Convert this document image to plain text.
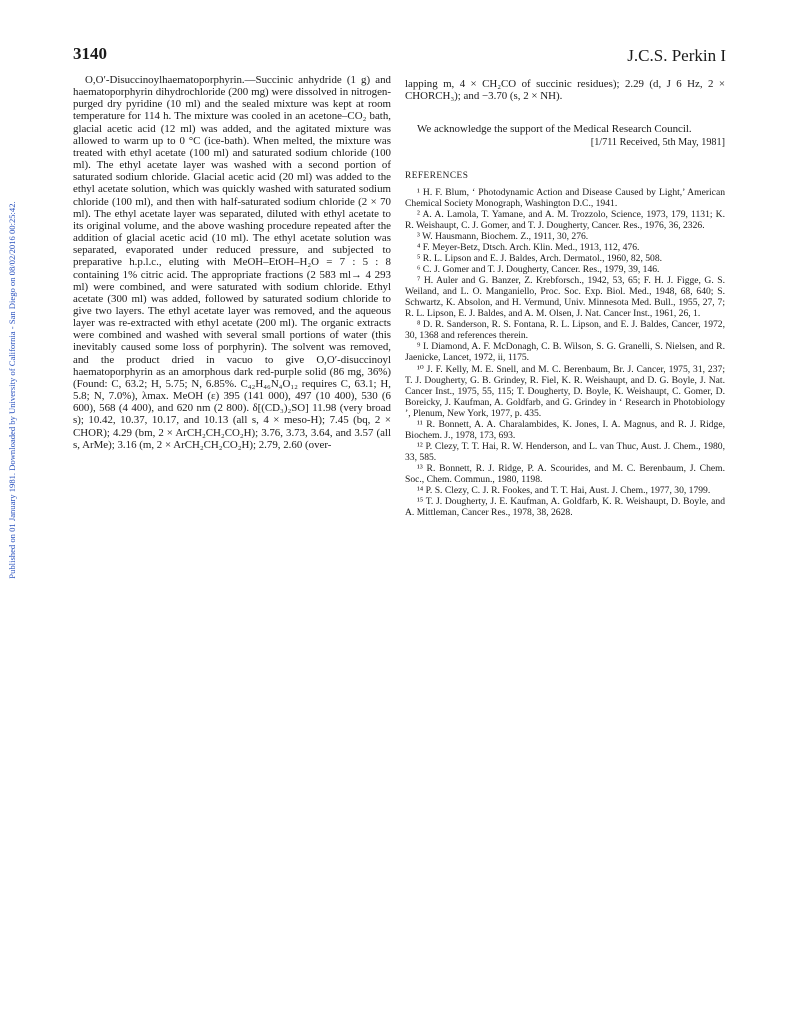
3140	J.C.S. Perkin I
Published on 01 January 1981. Downloaded by University of California - San Diego on 08/02/2016 00:25:42.

O,O′-Disuccinoylhaematoporphyrin.—Succinic anhydride (1 g) and haematoporphyrin dihydrochloride (200 mg) were dissolved in nitrogen-purged dry pyridine (10 ml) and the sealed mixture was kept at room temperature for 114 h. The mixture was cooled in an acetone–CO₂ bath, glacial acetic acid (12 ml) was added, and the agitated mixture was allowed to warm up to 0 °C (ice-bath). When melted, the mixture was treated with ethyl acetate (100 ml) and saturated sodium chloride (100 ml). The ethyl acetate layer was washed with a second portion of saturated sodium chloride. Glacial acetic acid (20 ml) was added to the ethyl acetate solution, which was quickly washed with saturated sodium chloride (100 ml), and then with half-saturated sodium chloride (2 × 70 ml). The ethyl acetate layer was separated, diluted with ethyl acetate to its original volume, and the above washing procedure repeated after the addition of glacial acetic acid (10 ml). The ethyl acetate solution was separated, evaporated under reduced pressure, and subjected to preparative h.p.l.c., eluting with MeOH–EtOH–H₂O = 7 : 5 : 8 containing 1% citric acid. The appropriate fractions (2 583 ml→ 4 293 ml) were combined, and were saturated with sodium chloride. Ethyl acetate (300 ml) was added, followed by saturated sodium chloride to give two layers. The ethyl acetate layer was removed, and the aqueous layer was re-extracted with ethyl acetate (200 ml). The organic extracts were combined and washed with several small portions of water (this inevitably caused some loss of porphyrin). The solvent was removed, and the product dried in vacuo to give O,O′-disuccinoyl haematoporphyrin as an amorphous dark red-purple solid (86 mg, 36%) (Found: C, 63.2; H, 5.75; N, 6.85%. C₄₂H₄₆N₄O₁₂ requires C, 63.1; H, 5.8; N, 7.0%), λmax. MeOH (ε) 395 (141 000), 497 (10 400), 530 (6 600), 568 (4 400), and 620 nm (2 800). δ[(CD₃)₂SO] 11.98 (very broad s); 10.42, 10.37, 10.17, and 10.13 (all s, 4 × meso-H); 7.45 (bq, 2 × CHOR); 4.29 (bm, 2 × ArCH₂CH₂CO₂H); 3.76, 3.73, 3.64, and 3.57 (all s, ArMe); 3.16 (m, 2 × ArCH₂CH₂CO₂H); 2.79, 2.60 (over-

lapping m, 4 × CH₂CO of succinic residues); 2.29 (d, J 6 Hz, 2 × CHORCH₃); and −3.70 (s, 2 × NH).

We acknowledge the support of the Medical Research Council.

[1/711 Received, 5th May, 1981]
REFERENCES

¹ H. F. Blum, ‘ Photodynamic Action and Disease Caused by Light,’ American Chemical Society Monograph, Washington D.C., 1941.

² A. A. Lamola, T. Yamane, and A. M. Trozzolo, Science, 1973, 179, 1131; K. R. Weishaupt, C. J. Gomer, and T. J. Dougherty, Cancer. Res., 1976, 36, 2326.

³ W. Hausmann, Biochem. Z., 1911, 30, 276.

⁴ F. Meyer-Betz, Dtsch. Arch. Klin. Med., 1913, 112, 476.

⁵ R. L. Lipson and E. J. Baldes, Arch. Dermatol., 1960, 82, 508.

⁶ C. J. Gomer and T. J. Dougherty, Cancer. Res., 1979, 39, 146.

⁷ H. Auler and G. Banzer, Z. Krebforsch., 1942, 53, 65; F. H. J. Figge, G. S. Weiland, and L. O. Manganiello, Proc. Soc. Exp. Biol. Med., 1948, 68, 640; S. Schwartz, K. Absolon, and H. Vermund, Univ. Minnesota Med. Bull., 1955, 27, 7; R. L. Lipson, E. J. Baldes, and A. M. Olsen, J. Nat. Cancer Inst., 1961, 26, 1.

⁸ D. R. Sanderson, R. S. Fontana, R. L. Lipson, and E. J. Baldes, Cancer, 1972, 30, 1368 and references therein.

⁹ I. Diamond, A. F. McDonagh, C. B. Wilson, S. G. Granelli, S. Nielsen, and R. Jaenicke, Lancet, 1972, ii, 1175.

¹⁰ J. F. Kelly, M. E. Snell, and M. C. Berenbaum, Br. J. Cancer, 1975, 31, 237; T. J. Dougherty, G. B. Grindey, R. Fiel, K. R. Weishaupt, and D. G. Boyle, J. Nat. Cancer Inst., 1975, 55, 115; T. Dougherty, D. Boyle, K. Weishaupt, C. Gomer, D. Boreicky, J. Kaufman, A. Goldfarb, and G. Grindey in ‘ Research in Photobiology ’, Plenum, New York, 1977, p. 435.

¹¹ R. Bonnett, A. A. Charalambides, K. Jones, I. A. Magnus, and R. J. Ridge, Biochem. J., 1978, 173, 693.

¹² P. Clezy, T. T. Hai, R. W. Henderson, and L. van Thuc, Aust. J. Chem., 1980, 33, 585.

¹³ R. Bonnett, R. J. Ridge, P. A. Scourides, and M. C. Berenbaum, J. Chem. Soc., Chem. Commun., 1980, 1198.

¹⁴ P. S. Clezy, C. J. R. Fookes, and T. T. Hai, Aust. J. Chem., 1977, 30, 1799.

¹⁵ T. J. Dougherty, J. E. Kaufman, A. Goldfarb, K. R. Weishaupt, D. Boyle, and A. Mittleman, Cancer Res., 1978, 38, 2628.
